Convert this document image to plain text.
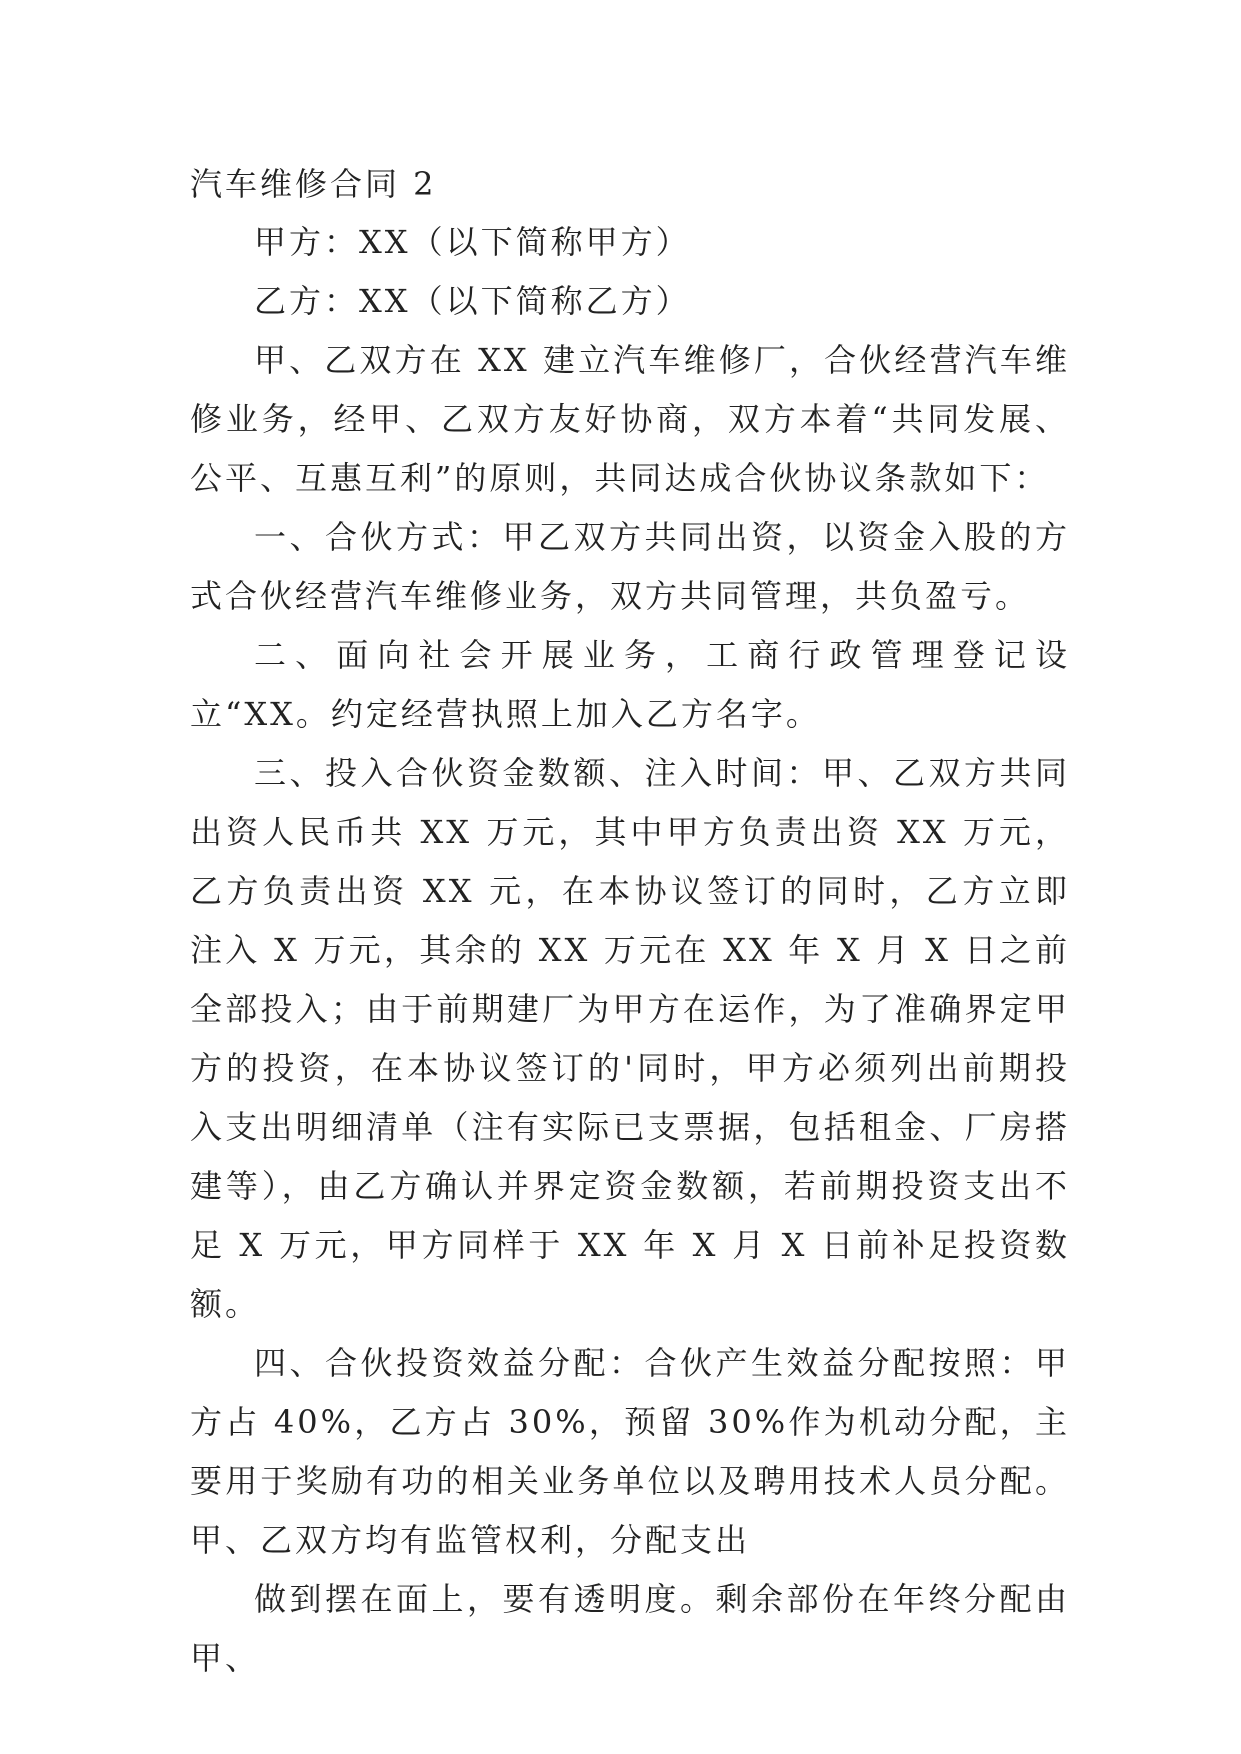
汽车维修合同 2

甲方：XX（以下简称甲方）

乙方：XX（以下简称乙方）

甲、乙双方在 XX 建立汽车维修厂，合伙经营汽车维修业务，经甲、乙双方友好协商，双方本着“共同发展、公平、互惠互利”的原则，共同达成合伙协议条款如下：

一、合伙方式：甲乙双方共同出资，以资金入股的方式合伙经营汽车维修业务，双方共同管理，共负盈亏。

二、面向社会开展业务，工商行政管理登记设立“XX。约定经营执照上加入乙方名字。

三、投入合伙资金数额、注入时间：甲、乙双方共同出资人民币共 XX 万元，其中甲方负责出资 XX 万元，乙方负责出资 XX 元，在本协议签订的同时，乙方立即注入 X 万元，其余的 XX 万元在 XX 年 X 月 X 日之前全部投入；由于前期建厂为甲方在运作，为了准确界定甲方的投资，在本协议签订的'同时，甲方必须列出前期投入支出明细清单（注有实际已支票据，包括租金、厂房搭建等），由乙方确认并界定资金数额，若前期投资支出不足 X 万元，甲方同样于 XX 年 X 月 X 日前补足投资数额。

四、合伙投资效益分配：合伙产生效益分配按照：甲方占 40%，乙方占 30%，预留 30%作为机动分配，主要用于奖励有功的相关业务单位以及聘用技术人员分配。甲、乙双方均有监管权利，分配支出

做到摆在面上，要有透明度。剩余部份在年终分配由甲、
